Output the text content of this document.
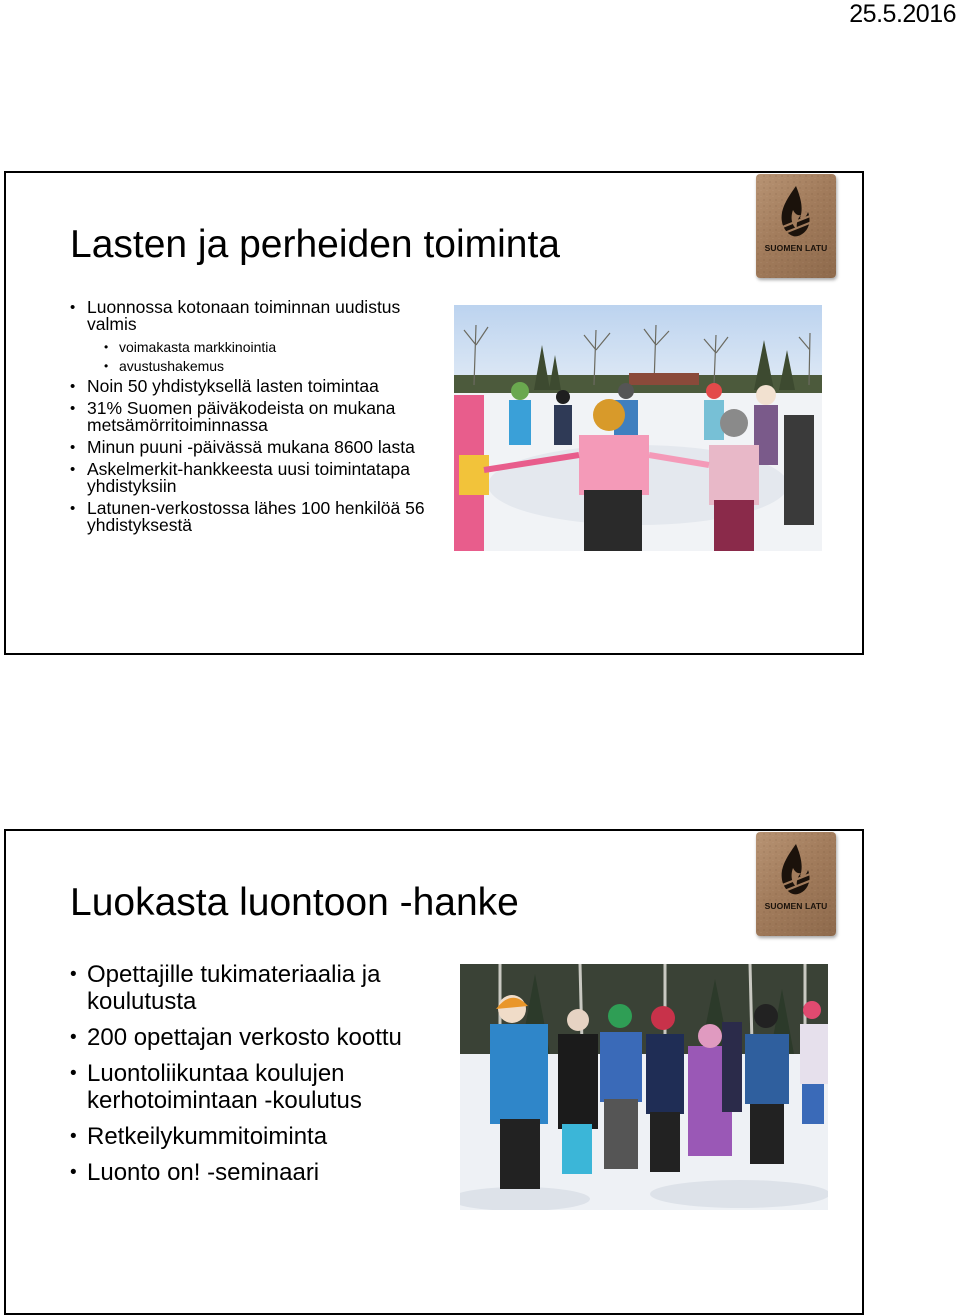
25.5.2016
Lasten ja perheiden toiminta	SUOMEN LATU
• Luonnossa kotonaan toiminnan uudistus valmis
• voimakasta markkinointia
• avustushakemus
• Noin 50 yhdistyksellä lasten toimintaa
• 31% Suomen päiväkodeista on mukana metsämörritoiminnassa
• Minun puuni -päivässä mukana 8600 lasta
• Askelmerkit-hankkeesta uusi toimintatapa yhdistyksiin
• Latunen-verkostossa lähes 100 henkilöä 56 yhdistyksestä
Luokasta luontoon -hanke	SUOMEN LATU
• Opettajille tukimateriaalia ja koulutusta
• 200 opettajan verkosto koottu
• Luontoliikuntaa koulujen kerhotoimintaan -koulutus
• Retkeilykummitoiminta
• Luonto on! -seminaari
